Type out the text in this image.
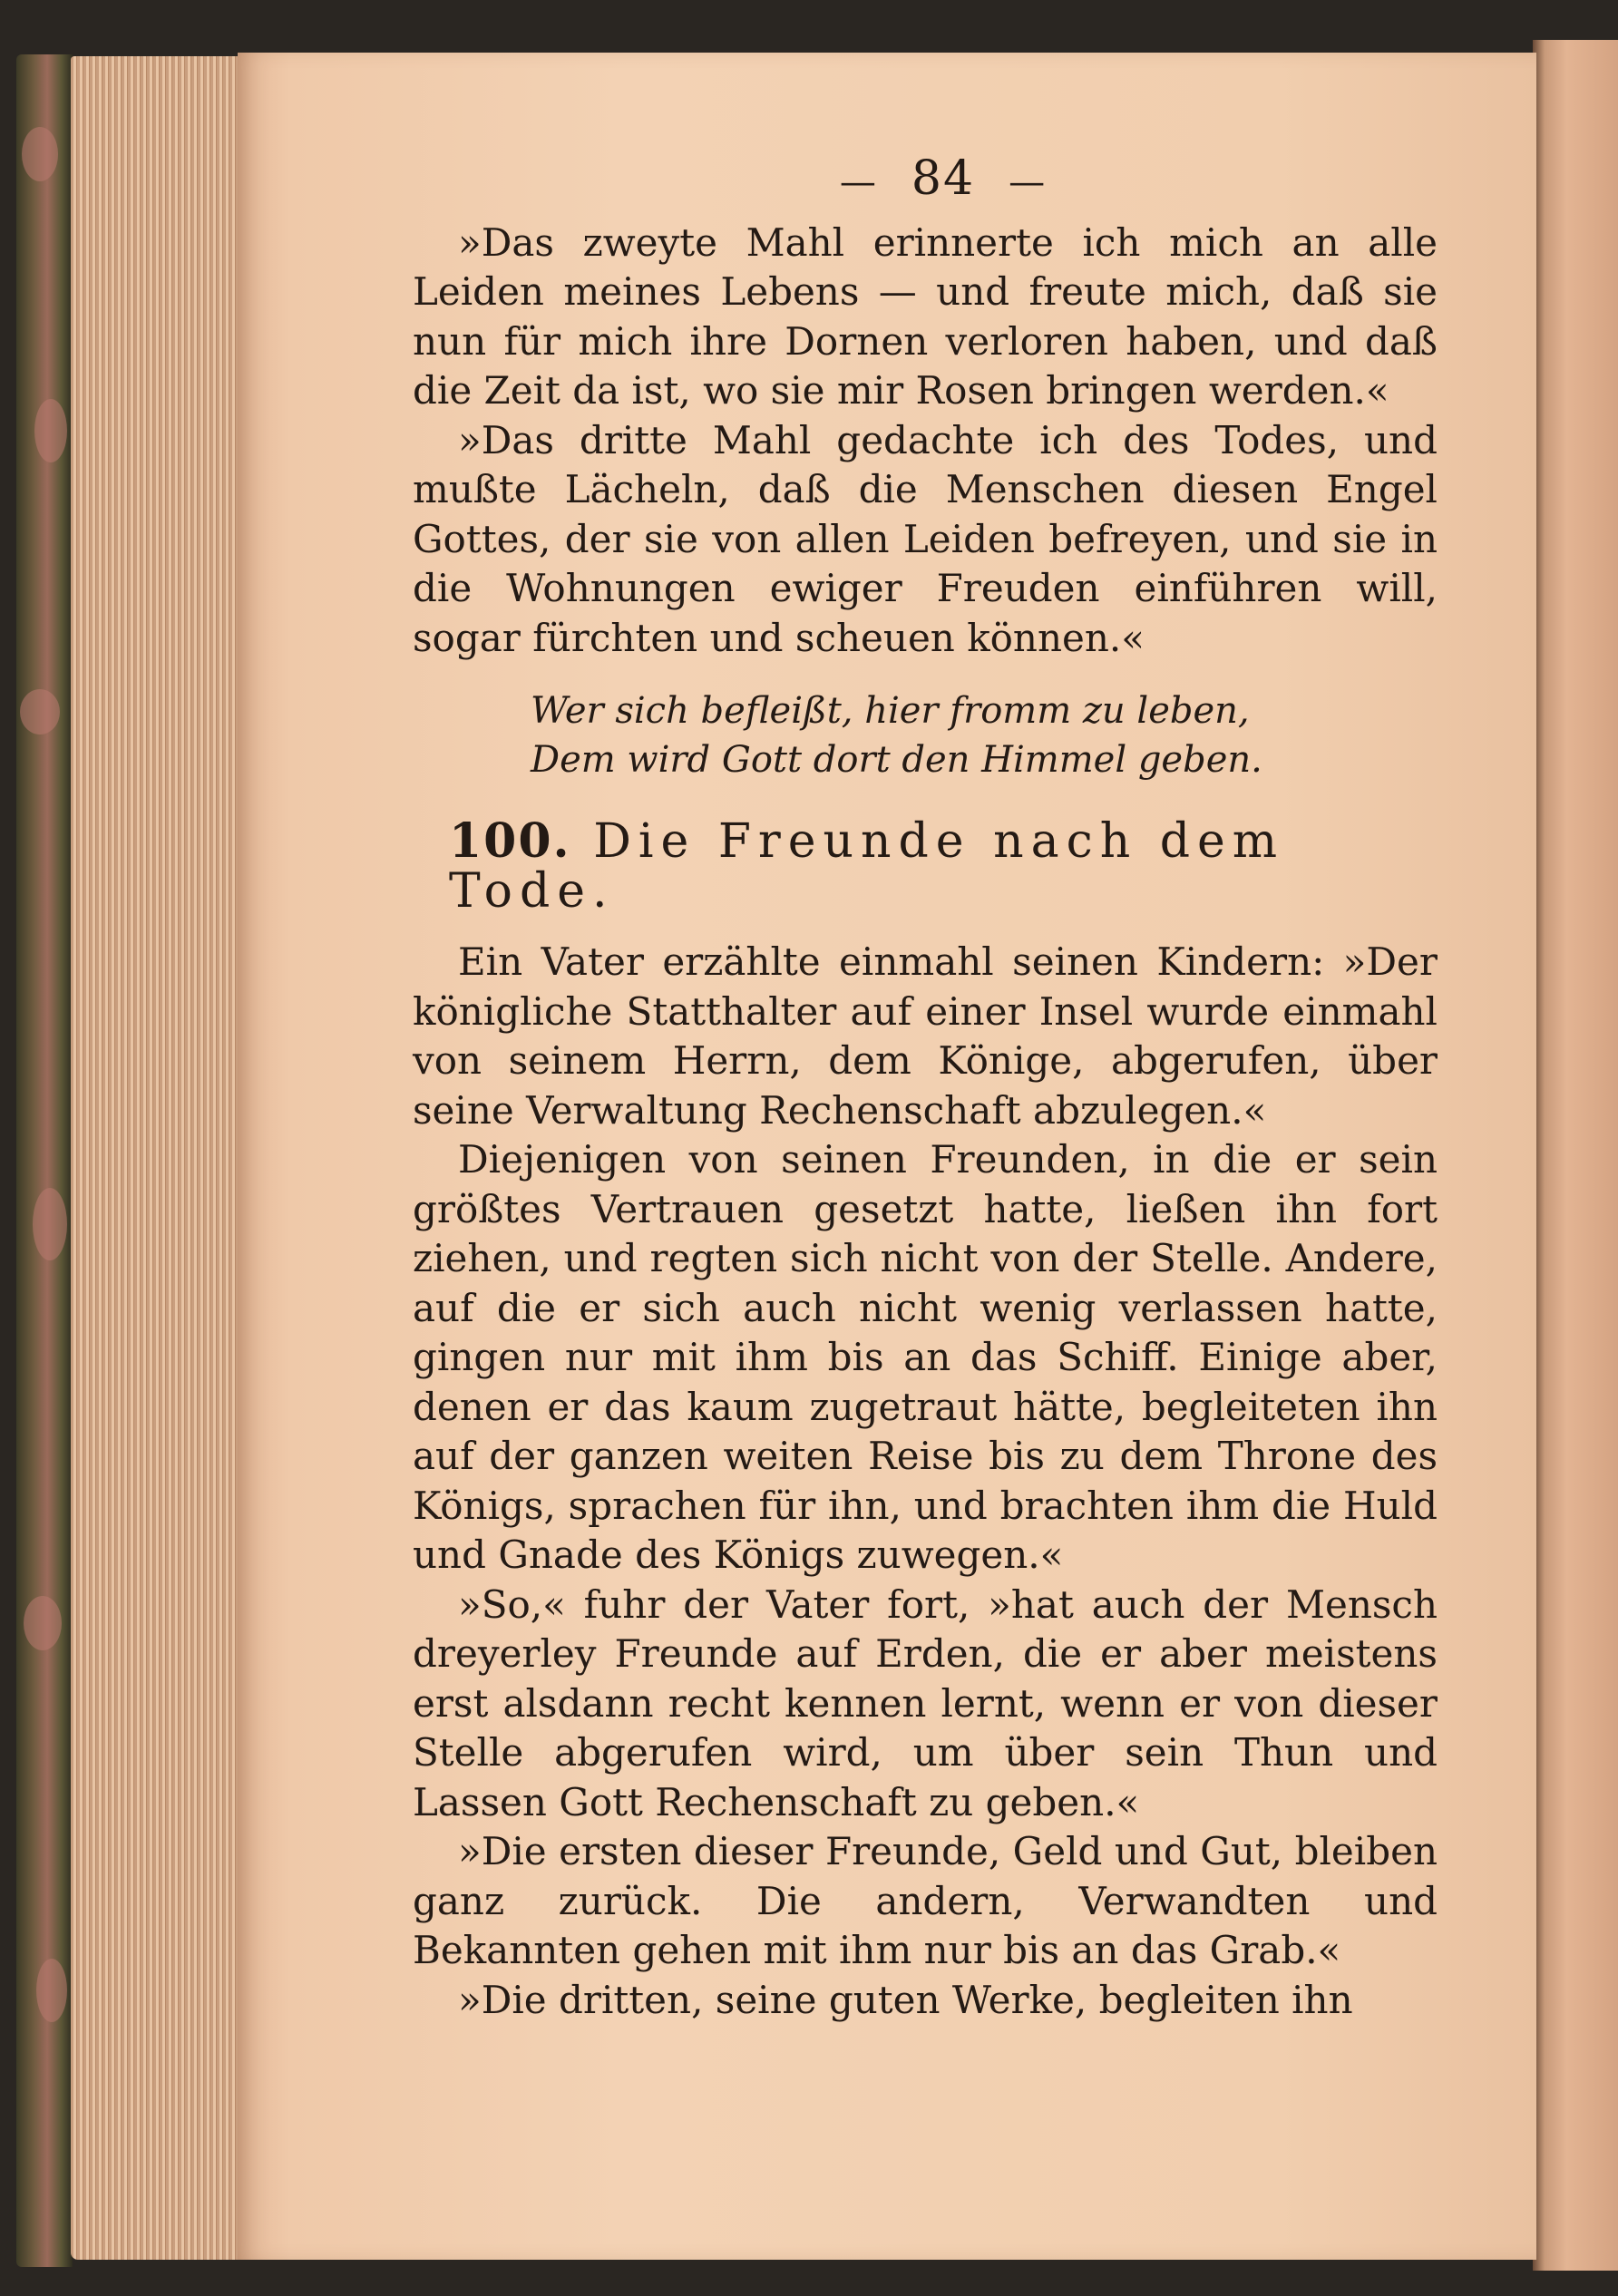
— 84 —

»Das zweyte Mahl erinnerte ich mich an alle Leiden meines Lebens — und freute mich, daß sie nun für mich ihre Dornen verloren haben, und daß die Zeit da ist, wo sie mir Rosen bringen werden.«

»Das dritte Mahl gedachte ich des Todes, und mußte Lächeln, daß die Menschen diesen Engel Gottes, der sie von allen Leiden befreyen, und sie in die Wohnungen ewiger Freuden einführen will, sogar fürchten und scheuen können.«

Wer sich befleißt, hier fromm zu leben,
Dem wird Gott dort den Himmel geben.
100. Die Freunde nach dem Tode.

Ein Vater erzählte einmahl seinen Kindern: »Der königliche Statthalter auf einer Insel wurde einmahl von seinem Herrn, dem Könige, abgerufen, über seine Verwaltung Rechenschaft abzulegen.«

Diejenigen von seinen Freunden, in die er sein größtes Vertrauen gesetzt hatte, ließen ihn fort ziehen, und regten sich nicht von der Stelle. Andere, auf die er sich auch nicht wenig verlassen hatte, gingen nur mit ihm bis an das Schiff. Einige aber, denen er das kaum zugetraut hätte, begleiteten ihn auf der ganzen weiten Reise bis zu dem Throne des Königs, sprachen für ihn, und brachten ihm die Huld und Gnade des Königs zuwegen.«

»So,« fuhr der Vater fort, »hat auch der Mensch dreyerley Freunde auf Erden, die er aber meistens erst alsdann recht kennen lernt, wenn er von dieser Stelle abgerufen wird, um über sein Thun und Lassen Gott Rechenschaft zu geben.«

»Die ersten dieser Freunde, Geld und Gut, bleiben ganz zurück. Die andern, Verwandten und Bekannten gehen mit ihm nur bis an das Grab.«

»Die dritten, seine guten Werke, begleiten ihn
